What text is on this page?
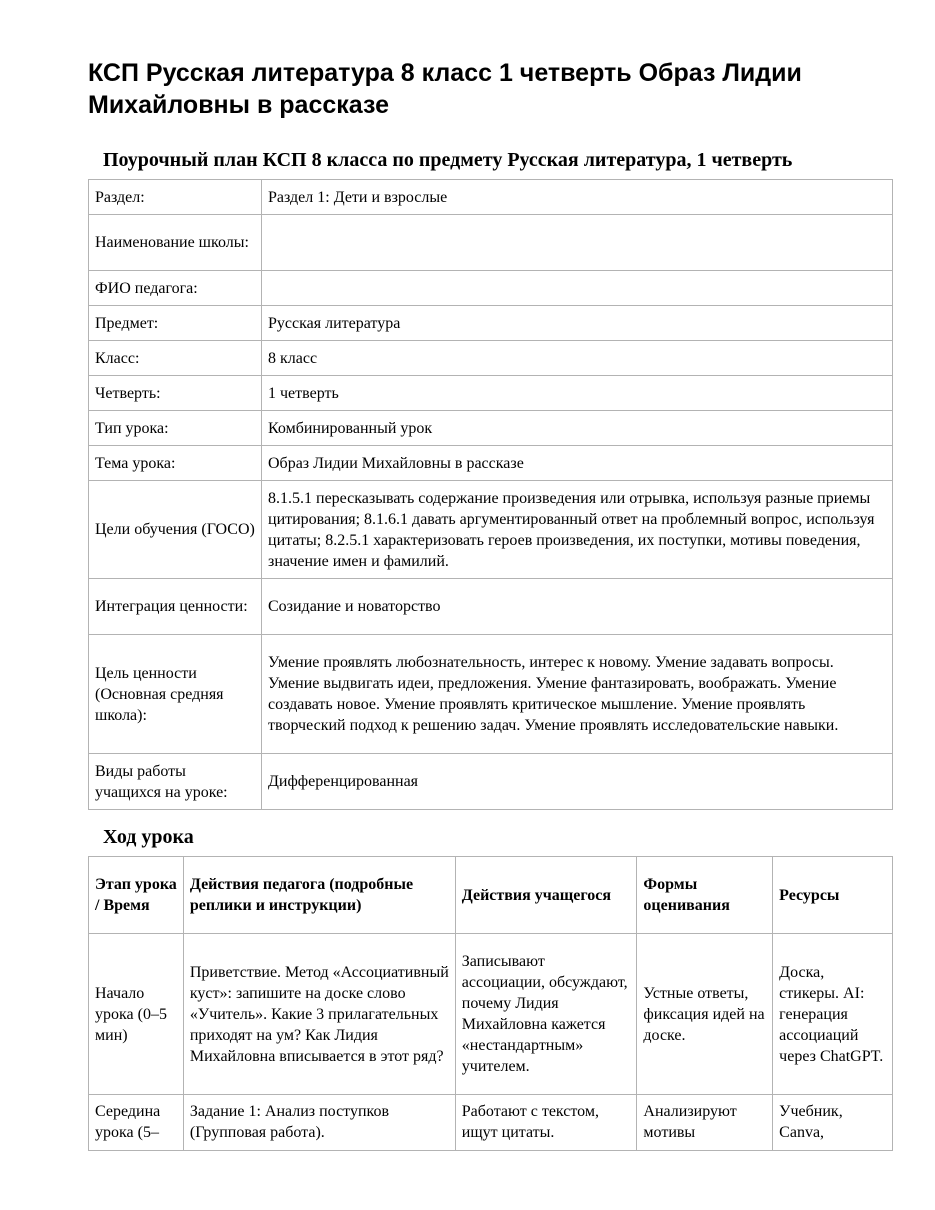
КСП Русская литература 8 класс 1 четверть Образ Лидии Михайловны в рассказе
Поурочный план КСП 8 класса по предмету Русская литература, 1 четверть
Раздел:	Раздел 1: Дети и взрослые
Наименование школы:	
ФИО педагога:	
Предмет:	Русская литература
Класс:	8 класс
Четверть:	1 четверть
Тип урока:	Комбинированный урок
Тема урока:	Образ Лидии Михайловны в рассказе
Цели обучения (ГОСО)	8.1.5.1 пересказывать содержание произведения или отрывка, используя разные приемы цитирования; 8.1.6.1 давать аргументированный ответ на проблемный вопрос, используя цитаты; 8.2.5.1 характеризовать героев произведения, их поступки, мотивы поведения, значение имен и фамилий.
Интеграция ценности:	Созидание и новаторство
Цель ценности (Основная средняя школа):	Умение проявлять любознательность, интерес к новому. Умение задавать вопросы. Умение выдвигать идеи, предложения. Умение фантазировать, воображать. Умение создавать новое. Умение проявлять критическое мышление. Умение проявлять творческий подход к решению задач. Умение проявлять исследовательские навыки.
Виды работы учащихся на уроке:	Дифференцированная
Ход урока
Этап урока / Время	Действия педагога (подробные реплики и инструкции)	Действия учащегося	Формы оценивания	Ресурсы
Начало урока (0–5 мин)	Приветствие. Метод «Ассоциативный куст»: запишите на доске слово «Учитель». Какие 3 прилагательных приходят на ум? Как Лидия Михайловна вписывается в этот ряд?	Записывают ассоциации, обсуждают, почему Лидия Михайловна кажется «нестандартным» учителем.	Устные ответы, фиксация идей на доске.	Доска, стикеры. AI: генерация ассоциаций через ChatGPT.
Середина урока (5–	Задание 1: Анализ поступков (Групповая работа).	Работают с текстом, ищут цитаты.	Анализируют мотивы	Учебник, Canva,
